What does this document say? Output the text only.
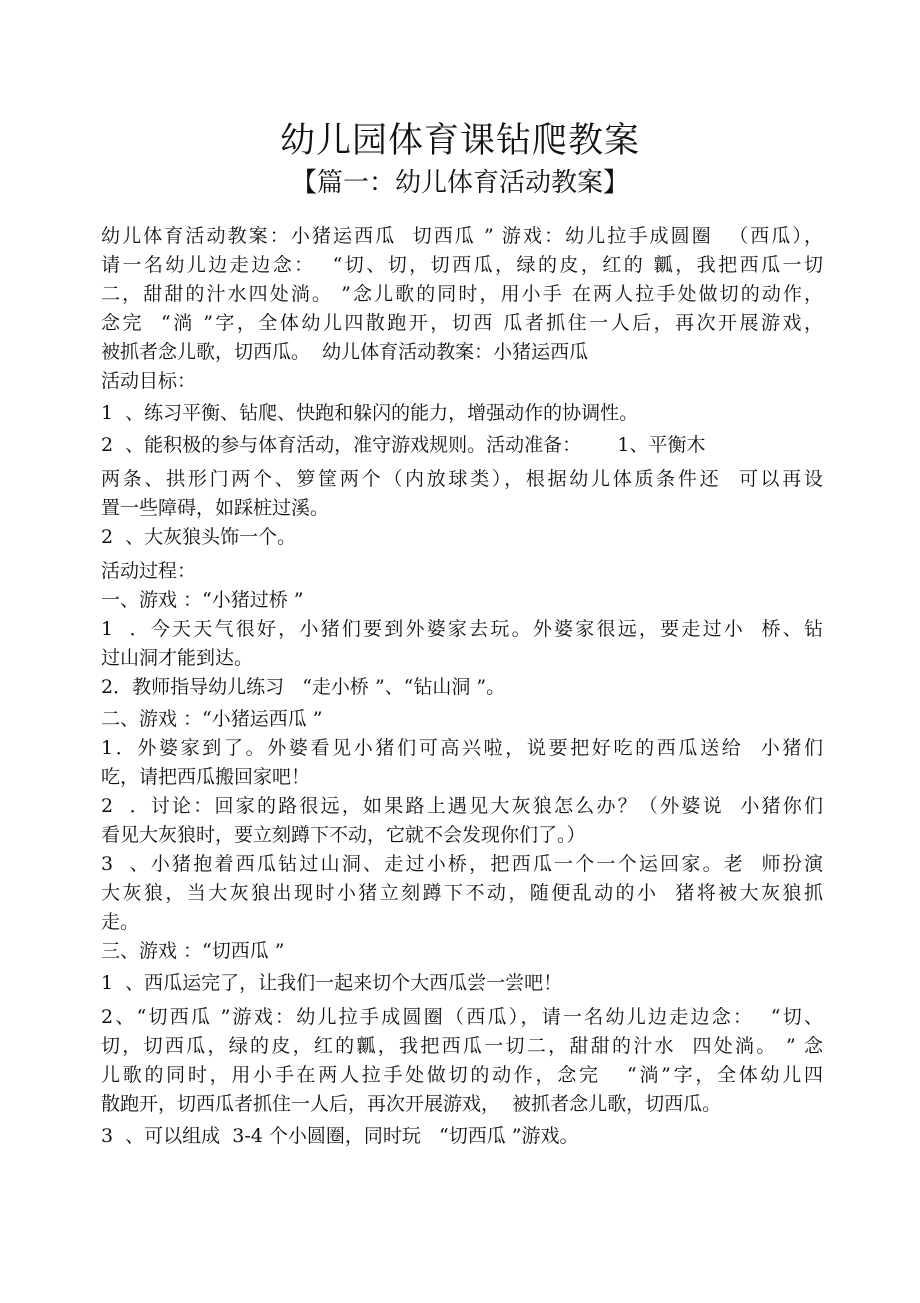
幼儿园体育课钻爬教案
【篇一：幼儿体育活动教案】
幼儿体育活动教案：小猪运西瓜  切西瓜 ” 游戏：幼儿拉手成圆圈  （西瓜），
请一名幼儿边走边念：  “切、切，切西瓜，绿的皮，红的 瓤，我把西瓜一切
二，甜甜的汁水四处淌。 ”念儿歌的同时，用小手 在两人拉手处做切的动作，
念完  “淌 ”字，全体幼儿四散跑开，切西 瓜者抓住一人后，再次开展游戏，
被抓者念儿歌，切西瓜。  幼儿体育活动教案：小猪运西瓜
活动目标：
1  、练习平衡、钻爬、快跑和躲闪的能力，增强动作的协调性。
2  、能积极的参与体育活动，准守游戏规则。活动准备：      1、平衡木
两条、拱形门两个、箩筐两个（内放球类），根据幼儿体质条件还  可以再设
置一些障碍，如踩桩过溪。
2  、大灰狼头饰一个。
活动过程：
一、游戏 ：“小猪过桥 ”
1  ．今天天气很好，小猪们要到外婆家去玩。外婆家很远，要走过小  桥、钻
过山洞才能到达。
2．教师指导幼儿练习   “走小桥 ”、“钻山洞 ”。
二、游戏 ：“小猪运西瓜 ”
1．外婆家到了。外婆看见小猪们可高兴啦，说要把好吃的西瓜送给  小猪们
吃，请把西瓜搬回家吧！
2  ．讨论：回家的路很远，如果路上遇见大灰狼怎么办？（外婆说  小猪你们
看见大灰狼时，要立刻蹲下不动，它就不会发现你们了。）
3  、小猪抱着西瓜钻过山洞、走过小桥，把西瓜一个一个运回家。老  师扮演
大灰狼，当大灰狼出现时小猪立刻蹲下不动，随便乱动的小  猪将被大灰狼抓
走。
三、游戏 ：“切西瓜 ”
1  、西瓜运完了，让我们一起来切个大西瓜尝一尝吧！
2、“切西瓜 ”游戏：幼儿拉手成圆圈（西瓜），请一名幼儿边走边念：  “切、
切，切西瓜，绿的皮，红的瓤，我把西瓜一切二，甜甜的汁水  四处淌。 ” 念
儿歌的同时，用小手在两人拉手处做切的动作，念完   “淌”字，全体幼儿四
散跑开，切西瓜者抓住一人后，再次开展游戏，  被抓者念儿歌，切西瓜。
3  、可以组成  3-4 个小圆圈，同时玩   “切西瓜 ”游戏。
